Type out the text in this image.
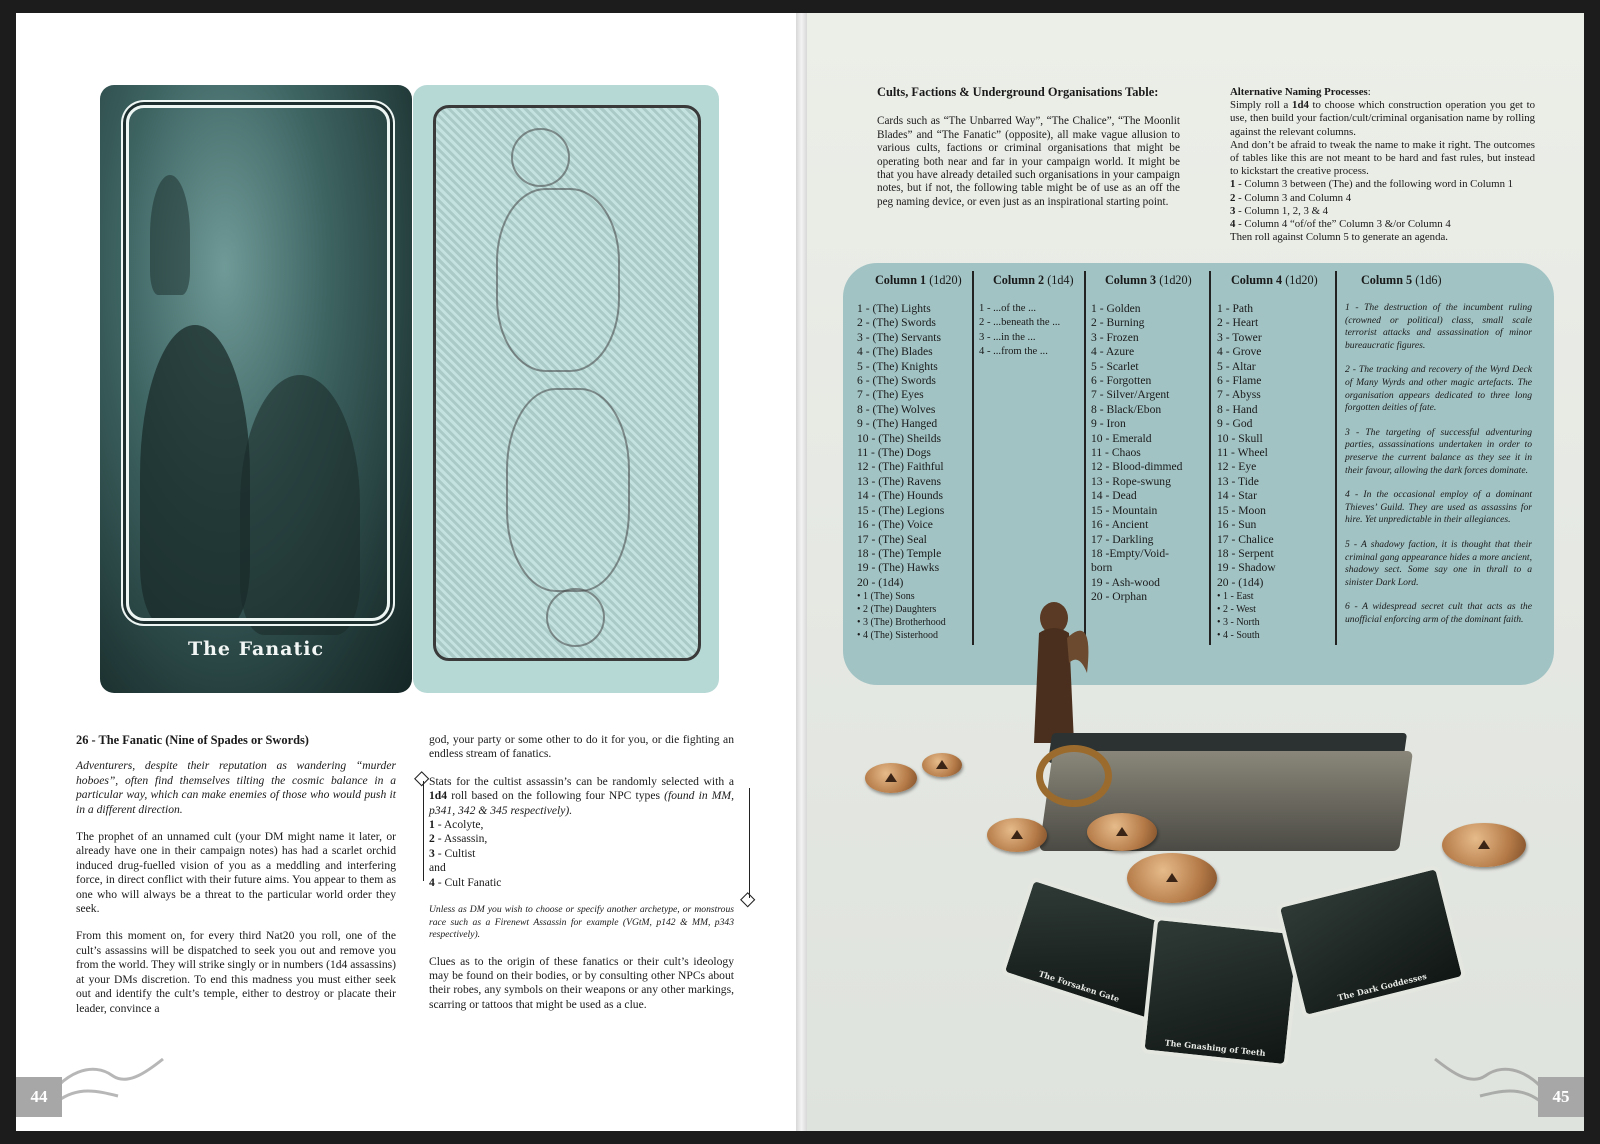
The Fanatic
26 - The Fanatic (Nine of Spades or Swords)
Adventurers, despite their reputation as wandering “murder hoboes”, often find themselves tilting the cosmic balance in a particular way, which can make enemies of those who would push it in a different direction.
The prophet of an unnamed cult (your DM might name it later, or already have one in their campaign notes) has had a scarlet orchid induced drug-fuelled vision of you as a meddling and interfering force, in direct conflict with their future aims. You appear to them as one who will always be a threat to the particular world order they seek.
From this moment on, for every third Nat20 you roll, one of the cult’s assassins will be dispatched to seek you out and remove you from the world. They will strike singly or in numbers (1d4 assassins) at your DMs discretion. To end this madness you must either seek out and identify the cult’s temple, either to destroy or placate their leader, convince a
god, your party or some other to do it for you, or die fighting an endless stream of fanatics.
Stats for the cultist assassin’s can be randomly selected with a 1d4 roll based on the following four NPC types (found in MM, p341, 342 & 345 respectively).
1 - Acolyte,
2 - Assassin,
3 - Cultist
and
4 - Cult Fanatic
Unless as DM you wish to choose or specify another archetype, or monstrous race such as a Firenewt Assassin for example (VGtM, p142 & MM, p343 respectively).
Clues as to the origin of these fanatics or their cult’s ideology may be found on their bodies, or by consulting other NPCs about their robes, any symbols on their weapons or any other markings, scarring or tattoos that might be used as a clue.
◇
◇
44
Cults, Factions & Underground Organisations Table:
Cards such as “The Unbarred Way”, “The Chalice”, “The Moonlit Blades” and “The Fanatic” (opposite), all make vague allusion to various cults, factions or criminal organisations that might be operating both near and far in your campaign world. It might be that you have already detailed such organisations in your campaign notes, but if not, the following table might be of use as an off the peg naming device, or even just as an inspirational starting point.
Alternative Naming Processes:
Simply roll a 1d4 to choose which construction operation you get to use, then build your faction/cult/criminal organisation name by rolling against the relevant columns.
And don’t be afraid to tweak the name to make it right. The outcomes of tables like this are not meant to be hard and fast rules, but instead to kickstart the creative process.
1 - Column 3 between (The) and the following word in Column 1
2 - Column 3 and Column 4
3 - Column 1, 2, 3 & 4
4 - Column 4 “of/of the” Column 3 &/or Column 4
Then roll against Column 5 to generate an agenda.
Column 1 (1d20)
1 - (The) Lights
2 - (The) Swords
3 - (The) Servants
4 - (The) Blades
5 - (The) Knights
6 - (The) Swords
7 - (The) Eyes
8 - (The) Wolves
9 - (The) Hanged
10 - (The) Sheilds
11 - (The) Dogs
12 - (The) Faithful
13 - (The) Ravens
14 - (The) Hounds
15 - (The) Legions
16 - (The) Voice
17 - (The) Seal
18 - (The) Temple
19 - (The) Hawks
20 - (1d4)
• 1 (The) Sons
• 2 (The) Daughters
• 3 (The) Brotherhood
• 4 (The) Sisterhood
Column 2 (1d4)
1 - ...of the ...
2 - ...beneath the ...
3 - ...in the ...
4 - ...from the ...
Column 3 (1d20)
1 - Golden
2 - Burning
3 - Frozen
4 - Azure
5 - Scarlet
6 - Forgotten
7 - Silver/Argent
8 - Black/Ebon
9 - Iron
10 - Emerald
11 - Chaos
12 - Blood-dimmed
13 - Rope-swung
14 - Dead
15 - Mountain
16 - Ancient
17 - Darkling
18 -Empty/Void-
born
19 - Ash-wood
20 - Orphan
Column 4 (1d20)
1 - Path
2 - Heart
3 - Tower
4 - Grove
5 - Altar
6 - Flame
7 - Abyss
8 - Hand
9 - God
10 - Skull
11 - Wheel
12 - Eye
13 - Tide
14 - Star
15 - Moon
16 - Sun
17 - Chalice
18 - Serpent
19 - Shadow
20 - (1d4)
• 1 - East
• 2 - West
• 3 - North
• 4 - South
Column 5 (1d6)

1 - The destruction of the incumbent ruling (crowned or political) class, small scale terrorist attacks and assassination of minor bureaucratic figures.

2 - The tracking and recovery of the Wyrd Deck of Many Wyrds and other magic artefacts. The organisation appears dedicated to three long forgotten deities of fate.

3 - The targeting of successful adventuring parties, assassinations undertaken in order to preserve the current balance as they see it in their favour, allowing the dark forces dominate.

4 - In the occasional employ of a dominant Thieves’ Guild. They are used as assassins for hire. Yet unpredictable in their allegiances.

5 - A shadowy faction, it is thought that their criminal gang appearance hides a more ancient, shadowy sect. Some say one in thrall to a sinister Dark Lord.

6 - A widespread secret cult that acts as the unofficial enforcing arm of the dominant faith.

The Forsaken Gate
The Gnashing of Teeth
The Dark Goddesses
45
